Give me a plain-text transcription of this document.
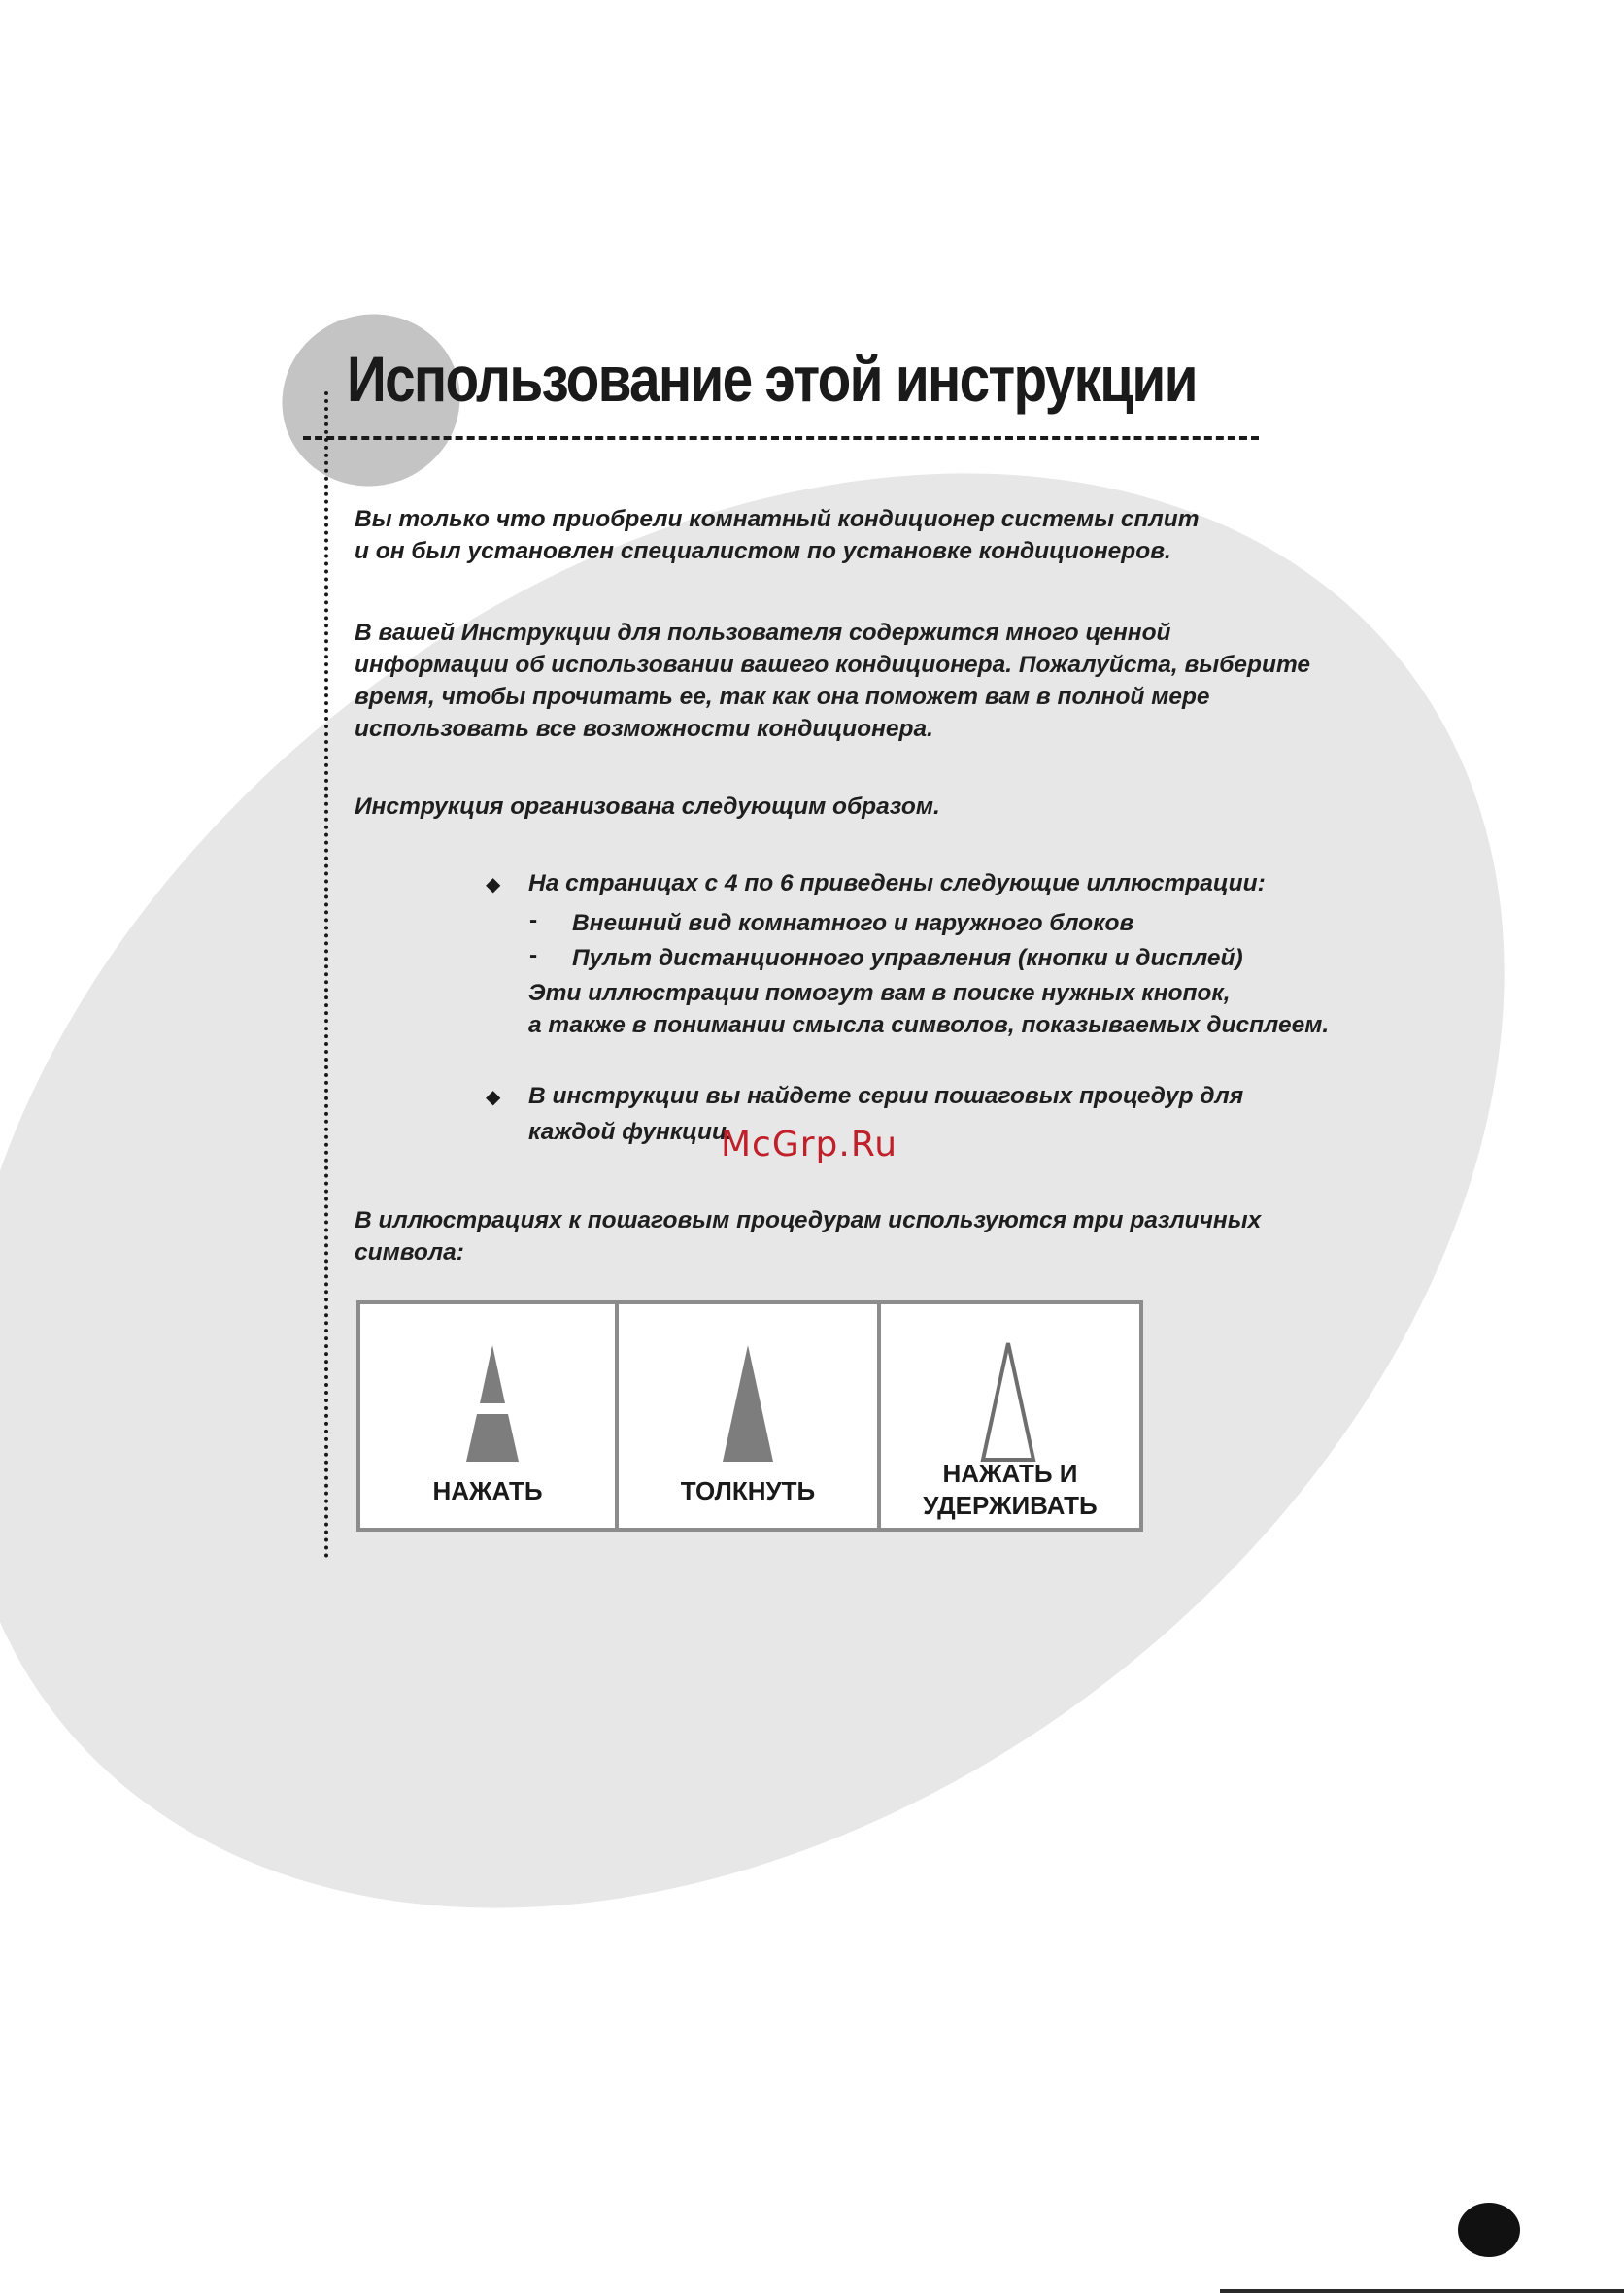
Использование этой инструкции
Вы только что приобрели комнатный кондиционер системы сплит
и он был установлен специалистом по установке кондиционеров.
В вашей Инструкции для пользователя содержится много ценной
информации об использовании вашего кондиционера. Пожалуйста, выберите
время, чтобы прочитать ее, так как она поможет вам в полной мере
использовать все возможности кондиционера.
Инструкция организована следующим образом.
◆ На страницах с 4 по 6 приведены следующие иллюстрации:
- Внешний вид комнатного и наружного блоков
- Пульт дистанционного управления (кнопки и дисплей)
Эти иллюстрации помогут вам в поиске нужных кнопок,
а также в понимании смысла символов, показываемых дисплеем.
◆ В инструкции вы найдете серии пошаговых процедур для
каждой функции.
McGrp.Ru
В иллюстрациях к пошаговым процедурам используются три различных
символа:
НАЖАТЬ	ТОЛКНУТЬ
НАЖАТЬ И
УДЕРЖИВАТЬ
